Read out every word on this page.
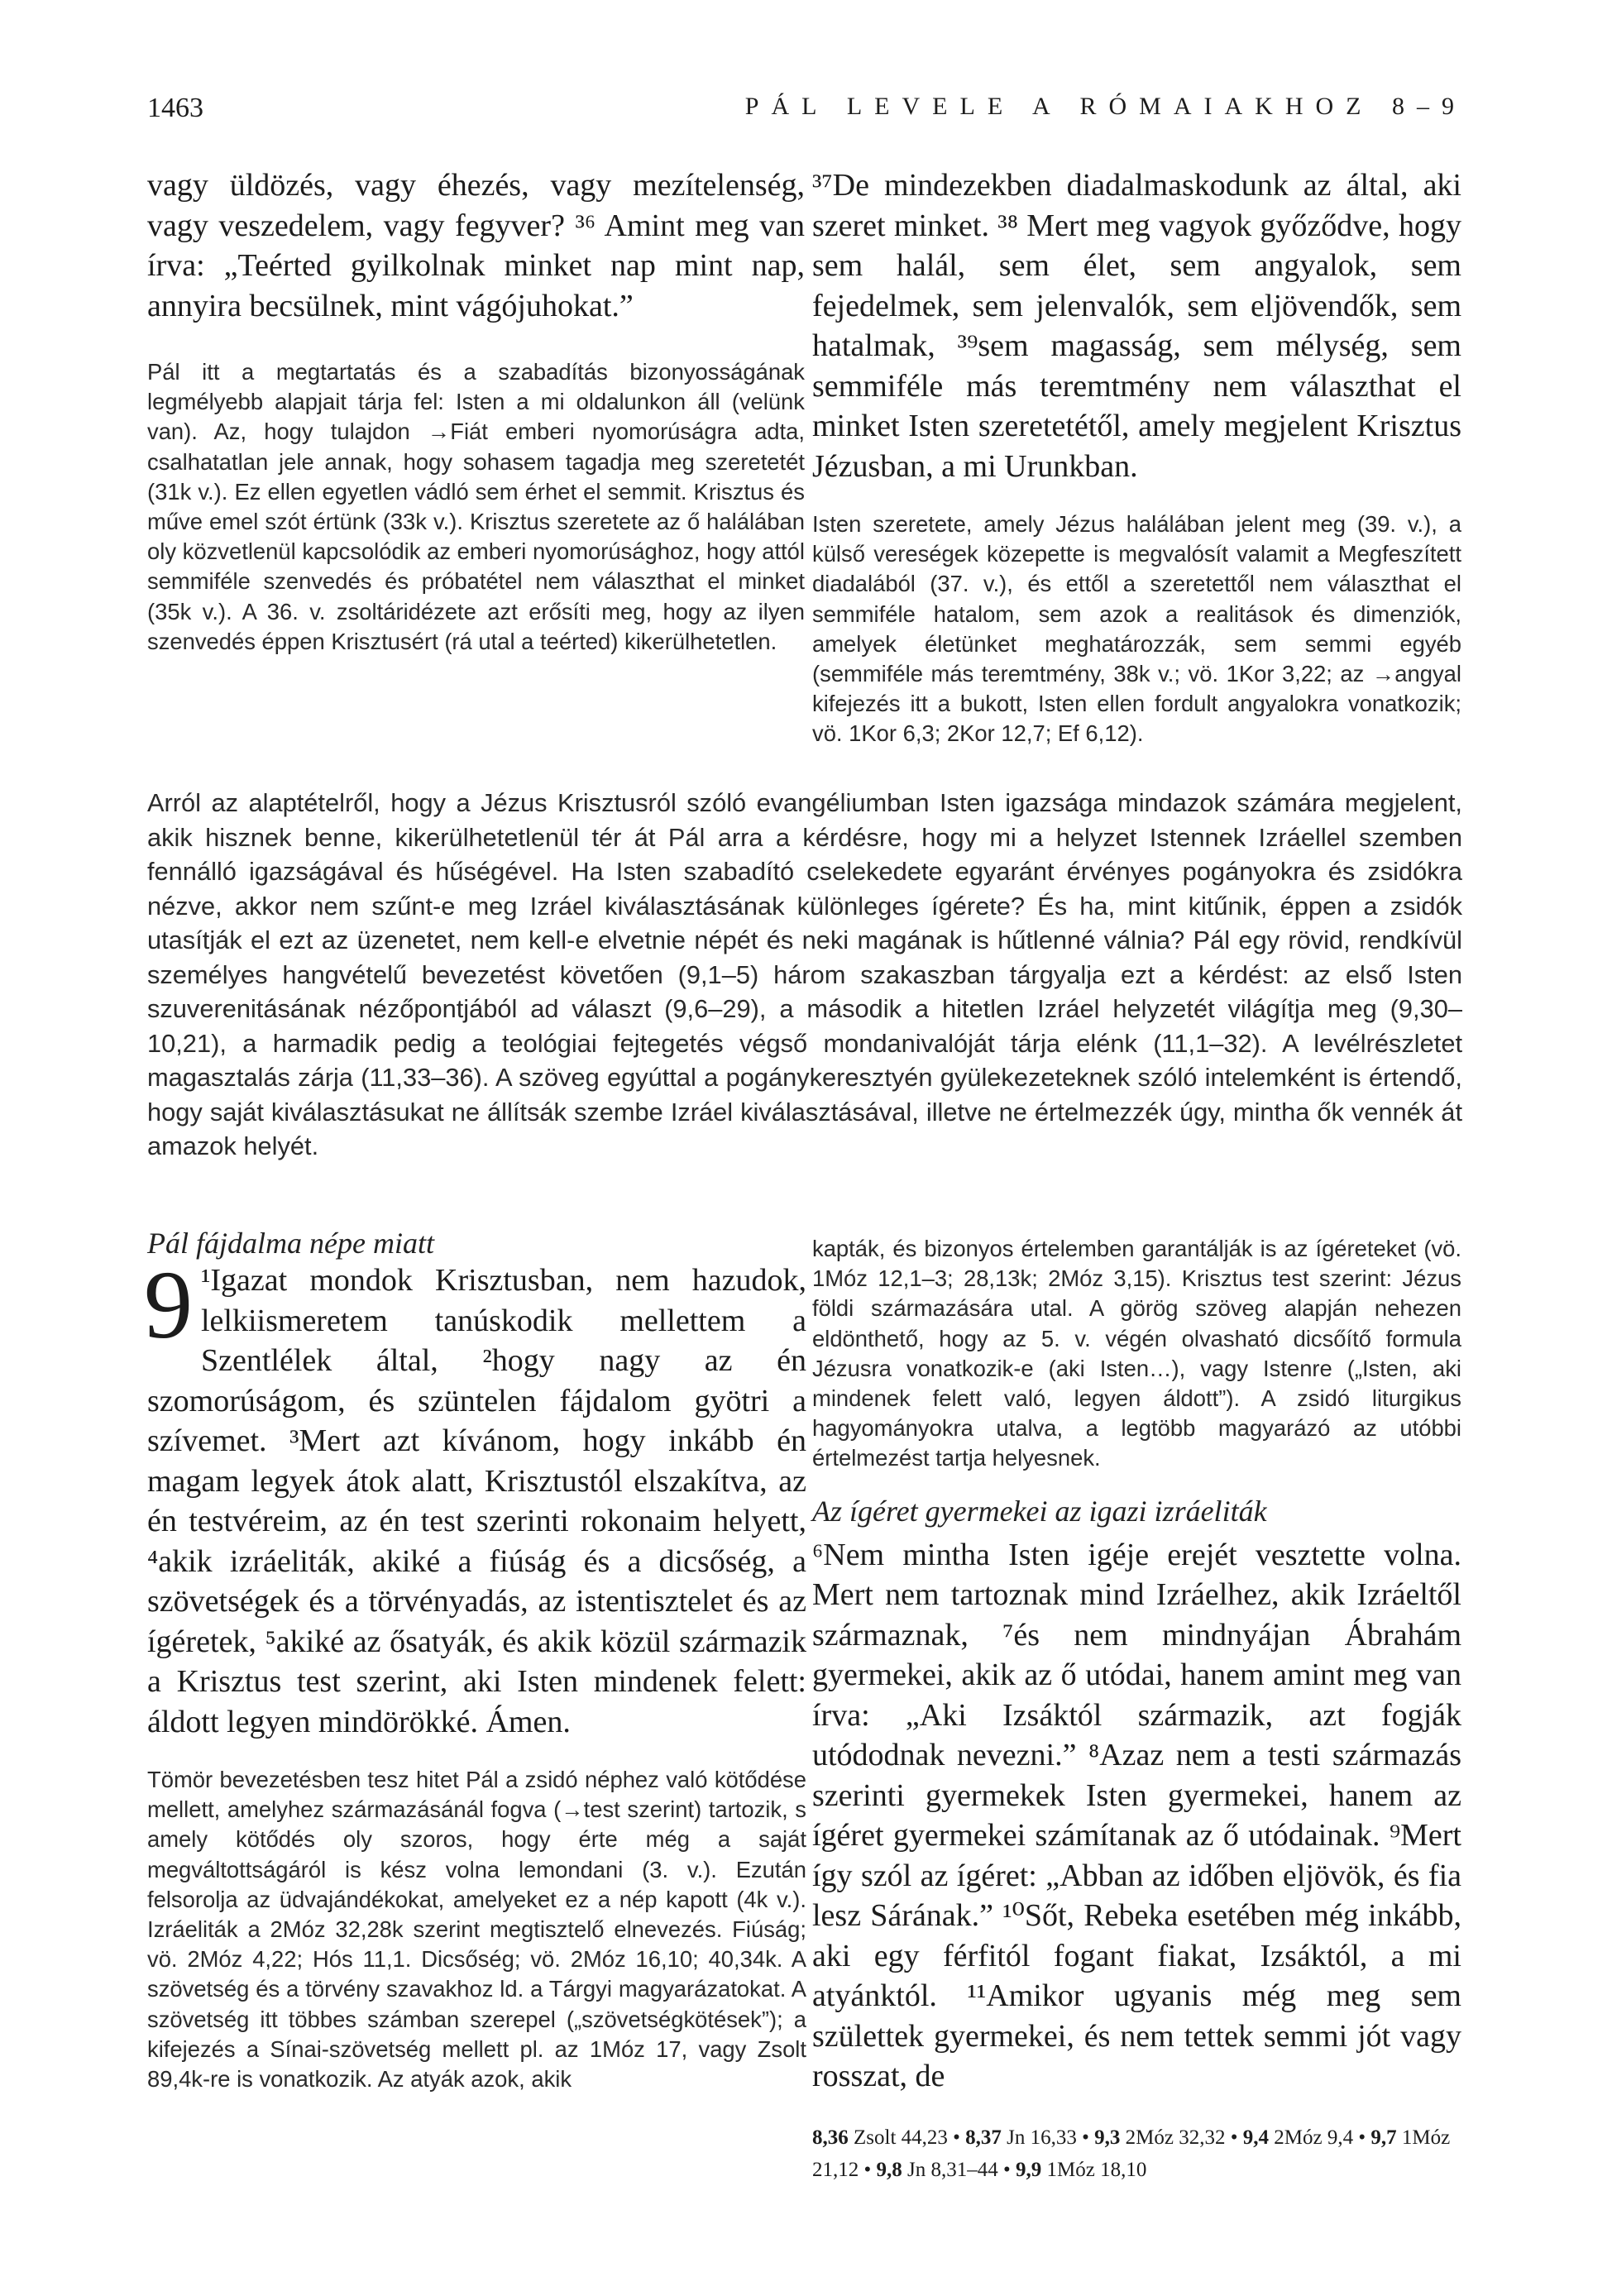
1463	PÁL LEVELE A RÓMAIAKHOZ 8–9
vagy üldözés, vagy éhezés, vagy mezítelenség, vagy veszedelem, vagy fegyver? ³⁶ Amint meg van írva: „Teérted gyilkolnak minket nap mint nap, annyira becsülnek, mint vágójuhokat.”
Pál itt a megtartatás és a szabadítás bizonyosságának legmélyebb alapjait tárja fel: Isten a mi oldalunkon áll (velünk van). Az, hogy tulajdon →Fiát emberi nyomorúságra adta, csalhatatlan jele annak, hogy sohasem tagadja meg szeretetét (31k v.). Ez ellen egyetlen vádló sem érhet el semmit. Krisztus és műve emel szót értünk (33k v.). Krisztus szeretete az ő halálában oly közvetlenül kapcsolódik az emberi nyomorúsághoz, hogy attól semmiféle szenvedés és próbatétel nem választhat el minket (35k v.). A 36. v. zsoltáridézete azt erősíti meg, hogy az ilyen szenvedés éppen Krisztusért (rá utal a teérted) kikerülhetetlen.
³⁷De mindezekben diadalmaskodunk az által, aki szeret minket. ³⁸ Mert meg vagyok győződve, hogy sem halál, sem élet, sem angyalok, sem fejedelmek, sem jelenvalók, sem eljövendők, sem hatalmak, ³⁹sem magasság, sem mélység, sem semmiféle más teremtmény nem választhat el minket Isten szeretetétől, amely megjelent Krisztus Jézusban, a mi Urunkban.
Isten szeretete, amely Jézus halálában jelent meg (39. v.), a külső vereségek közepette is megvalósít valamit a Megfeszített diadalából (37. v.), és ettől a szeretettől nem választhat el semmiféle hatalom, sem azok a realitások és dimenziók, amelyek életünket meghatározzák, sem semmi egyéb (semmiféle más teremtmény, 38k v.; vö. 1Kor 3,22; az →angyal kifejezés itt a bukott, Isten ellen fordult angyalokra vonatkozik; vö. 1Kor 6,3; 2Kor 12,7; Ef 6,12).
Arról az alaptételről, hogy a Jézus Krisztusról szóló evangéliumban Isten igazsága mindazok számára megjelent, akik hisznek benne, kikerülhetetlenül tér át Pál arra a kérdésre, hogy mi a helyzet Istennek Izráellel szemben fennálló igazságával és hűségével. Ha Isten szabadító cselekedete egyaránt érvényes pogányokra és zsidókra nézve, akkor nem szűnt-e meg Izráel kiválasztásának különleges ígérete? És ha, mint kitűnik, éppen a zsidók utasítják el ezt az üzenetet, nem kell-e elvetnie népét és neki magának is hűtlenné válnia? Pál egy rövid, rendkívül személyes hangvételű bevezetést követően (9,1–5) három szakaszban tárgyalja ezt a kérdést: az első Isten szuverenitásának nézőpontjából ad választ (9,6–29), a második a hitetlen Izráel helyzetét világítja meg (9,30–10,21), a harmadik pedig a teológiai fejtegetés végső mondanivalóját tárja elénk (11,1–32). A levélrészletet magasztalás zárja (11,33–36). A szöveg egyúttal a pogánykeresztyén gyülekezeteknek szóló intelemként is értendő, hogy saját kiválasztásukat ne állítsák szembe Izráel kiválasztásával, illetve ne értelmezzék úgy, mintha ők vennék át amazok helyét.
Pál fájdalma népe miatt
9 ¹Igazat mondok Krisztusban, nem hazudok, lelkiismeretem tanúskodik mellettem a Szentlélek által, ²hogy nagy az én szomorúságom, és szüntelen fájdalom gyötri a szívemet. ³Mert azt kívánom, hogy inkább én magam legyek átok alatt, Krisztustól elszakítva, az én testvéreim, az én test szerinti rokonaim helyett, ⁴akik izráeliták, akiké a fiúság és a dicsőség, a szövetségek és a törvényadás, az istentisztelet és az ígéretek, ⁵akiké az ősatyák, és akik közül származik a Krisztus test szerint, aki Isten mindenek felett: áldott legyen mindörökké. Ámen.
Tömör bevezetésben tesz hitet Pál a zsidó néphez való kötődése mellett, amelyhez származásánál fogva (→test szerint) tartozik, s amely kötődés oly szoros, hogy érte még a saját megváltottságáról is kész volna lemondani (3. v.). Ezután felsorolja az üdvajándékokat, amelyeket ez a nép kapott (4k v.). Izráeliták a 2Móz 32,28k szerint megtisztelő elnevezés. Fiúság; vö. 2Móz 4,22; Hós 11,1. Dicsőség; vö. 2Móz 16,10; 40,34k. A szövetség és a törvény szavakhoz ld. a Tárgyi magyarázatokat. A szövetség itt többes számban szerepel („szövetségkötések”); a kifejezés a Sínai-szövetség mellett pl. az 1Móz 17, vagy Zsolt 89,4k-re is vonatkozik. Az atyák azok, akik
kapták, és bizonyos értelemben garantálják is az ígéreteket (vö. 1Móz 12,1–3; 28,13k; 2Móz 3,15). Krisztus test szerint: Jézus földi származására utal. A görög szöveg alapján nehezen eldönthető, hogy az 5. v. végén olvasható dicsőítő formula Jézusra vonatkozik-e (aki Isten…), vagy Istenre („Isten, aki mindenek felett való, legyen áldott”). A zsidó liturgikus hagyományokra utalva, a legtöbb magyarázó az utóbbi értelmezést tartja helyesnek.
Az ígéret gyermekei az igazi izráeliták
⁶Nem mintha Isten igéje erejét vesztette volna. Mert nem tartoznak mind Izráelhez, akik Izráeltől származnak, ⁷és nem mindnyájan Ábrahám gyermekei, akik az ő utódai, hanem amint meg van írva: „Aki Izsáktól származik, azt fogják utódodnak nevezni.” ⁸Azaz nem a testi származás szerinti gyermekek Isten gyermekei, hanem az ígéret gyermekei számítanak az ő utódainak. ⁹Mert így szól az ígéret: „Abban az időben eljövök, és fia lesz Sárának.” ¹⁰Sőt, Rebeka esetében még inkább, aki egy férfitól fogant fiakat, Izsáktól, a mi atyánktól. ¹¹Amikor ugyanis még meg sem születtek gyermekei, és nem tettek semmi jót vagy rosszat, de
8,36 Zsolt 44,23 • 8,37 Jn 16,33 • 9,3 2Móz 32,32 • 9,4 2Móz 9,4 • 9,7 1Móz 21,12 • 9,8 Jn 8,31–44 • 9,9 1Móz 18,10
